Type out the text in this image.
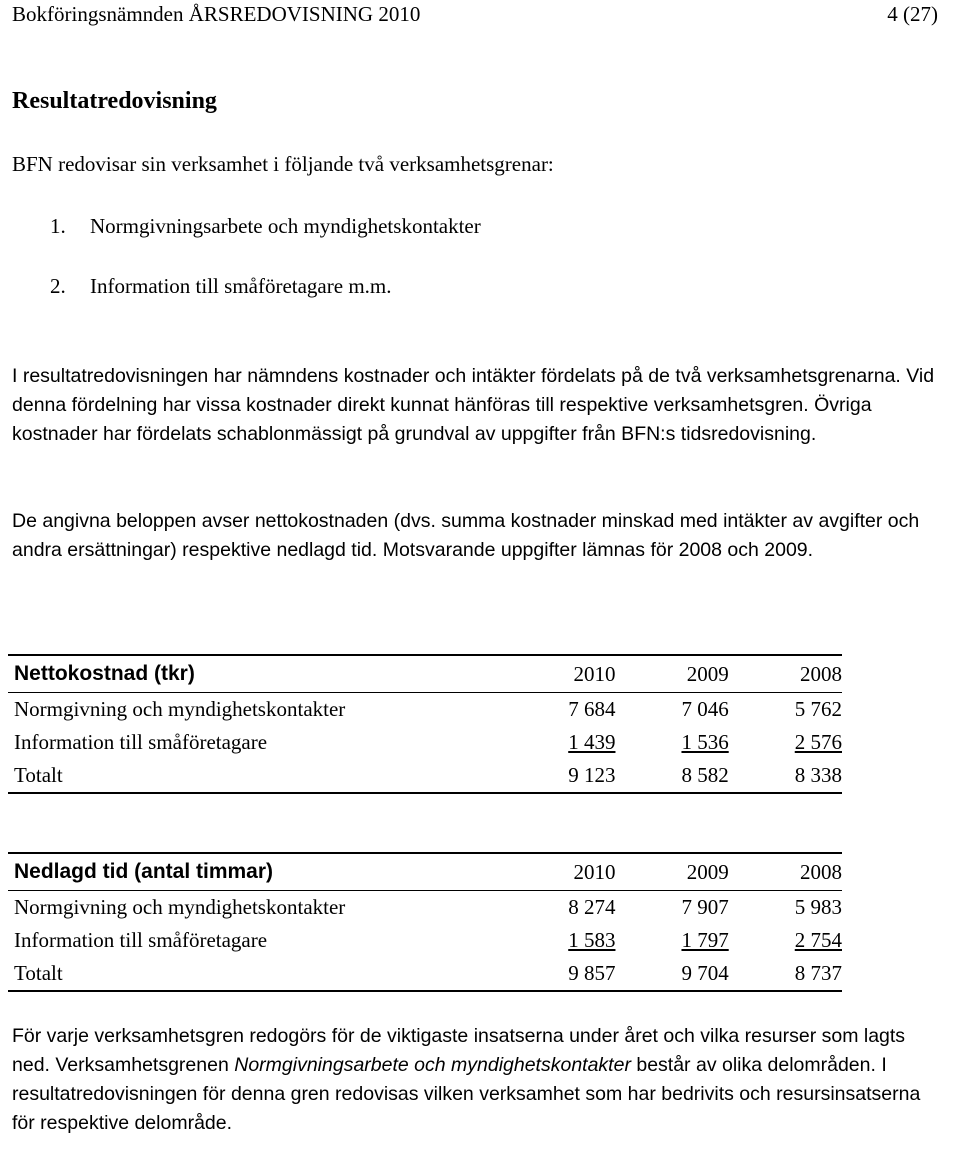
Bokföringsnämnden ÅRSREDOVISNING 2010	4 (27)
Resultatredovisning
BFN redovisar sin verksamhet i följande två verksamhetsgrenar:
1. Normgivningsarbete och myndighetskontakter
2. Information till småföretagare m.m.
I resultatredovisningen har nämndens kostnader och intäkter fördelats på de två verksamhetsgrenarna. Vid denna fördelning har vissa kostnader direkt kunnat hänföras till respektive verksamhetsgren. Övriga kostnader har fördelats schablonmässigt på grundval av uppgifter från BFN:s tidsredovisning.
De angivna beloppen avser nettokostnaden (dvs. summa kostnader minskad med intäkter av avgifter och andra ersättningar) respektive nedlagd tid. Motsvarande uppgifter lämnas för 2008 och 2009.
Nettokostnad (tkr)	2010	2009	2008
Normgivning och myndighetskontakter	7 684	7 046	5 762
Information till småföretagare	1 439	1 536	2 576
Totalt	9 123	8 582	8 338
Nedlagd tid (antal timmar)	2010	2009	2008
Normgivning och myndighetskontakter	8 274	7 907	5 983
Information till småföretagare	1 583	1 797	2 754
Totalt	9 857	9 704	8 737
För varje verksamhetsgren redogörs för de viktigaste insatserna under året och vilka resurser som lagts ned. Verksamhetsgrenen Normgivningsarbete och myndighetskontakter består av olika delområden. I resultatredovisningen för denna gren redovisas vilken verksamhet som har bedrivits och resursinsatserna för respektive delområde.
